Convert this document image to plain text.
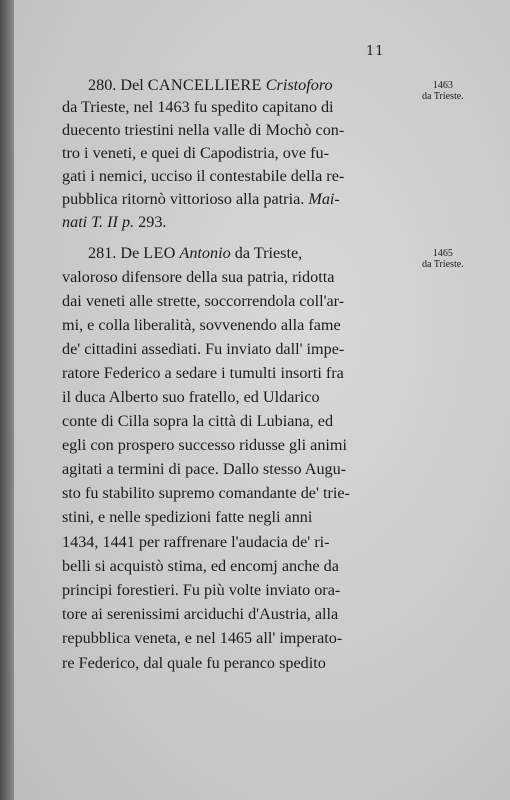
11
1463
da Trieste.
1465
da Trieste.
280. Del CANCELLIERE Cristoforo
da Trieste, nel 1463 fu spedito capitano di
duecento triestini nella valle di Mochò con-
tro i veneti, e quei di Capodistria, ove fu-
gati i nemici, ucciso il contestabile della re-
pubblica ritornò vittorioso alla patria. Mai-
nati T. II p. 293.
281. De LEO Antonio da Trieste,
valoroso difensore della sua patria, ridotta
dai veneti alle strette, soccorrendola coll'ar-
mi, e colla liberalità, sovvenendo alla fame
de' cittadini assediati. Fu inviato dall' impe-
ratore Federico a sedare i tumulti insorti fra
il duca Alberto suo fratello, ed Uldarico
conte di Cilla sopra la città di Lubiana, ed
egli con prospero successo ridusse gli animi
agitati a termini di pace. Dallo stesso Augu-
sto fu stabilito supremo comandante de' trie-
stini, e nelle spedizioni fatte negli anni
1434, 1441 per raffrenare l'audacia de' ri-
belli si acquistò stima, ed encomj anche da
principi forestieri. Fu più volte inviato ora-
tore ai serenissimi arciduchi d'Austria, alla
repubblica veneta, e nel 1465 all' imperato-
re Federico, dal quale fu peranco spedito
